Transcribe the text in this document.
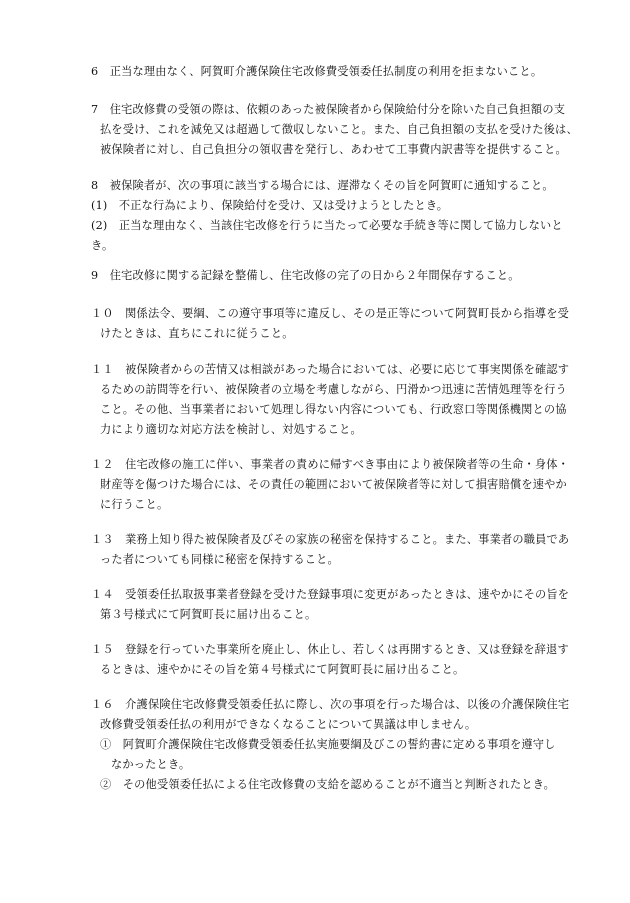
6　正当な理由なく、阿賀町介護保険住宅改修費受領委任払制度の利用を拒まないこと。
7　住宅改修費の受領の際は、依頼のあった被保険者から保険給付分を除いた自己負担額の支
払を受け、これを減免又は超過して徴収しないこと。また、自己負担額の支払を受けた後は、
被保険者に対し、自己負担分の領収書を発行し、あわせて工事費内訳書等を提供すること。
8　被保険者が、次の事項に該当する場合には、遅滞なくその旨を阿賀町に通知すること。
(1)　不正な行為により、保険給付を受け、又は受けようとしたとき。
(2)　正当な理由なく、当該住宅改修を行うに当たって必要な手続き等に関して協力しないと
き。
9　住宅改修に関する記録を整備し、住宅改修の完了の日から２年間保存すること。
１０　関係法令、要綱、この遵守事項等に違反し、その是正等について阿賀町長から指導を受
けたときは、直ちにこれに従うこと。
１１　被保険者からの苦情又は相談があった場合においては、必要に応じて事実関係を確認す
るための訪問等を行い、被保険者の立場を考慮しながら、円滑かつ迅速に苦情処理等を行う
こと。その他、当事業者において処理し得ない内容についても、行政窓口等関係機関との協
力により適切な対応方法を検討し、対処すること。
１２　住宅改修の施工に伴い、事業者の責めに帰すべき事由により被保険者等の生命・身体・
財産等を傷つけた場合には、その責任の範囲において被保険者等に対して損害賠償を速やか
に行うこと。
１３　業務上知り得た被保険者及びその家族の秘密を保持すること。また、事業者の職員であ
った者についても同様に秘密を保持すること。
１４　受領委任払取扱事業者登録を受けた登録事項に変更があったときは、速やかにその旨を
第３号様式にて阿賀町長に届け出ること。
１５　登録を行っていた事業所を廃止し、休止し、若しくは再開するとき、又は登録を辞退す
るときは、速やかにその旨を第４号様式にて阿賀町長に届け出ること。
１６　介護保険住宅改修費受領委任払に際し、次の事項を行った場合は、以後の介護保険住宅
改修費受領委任払の利用ができなくなることについて異議は申しません。
①　阿賀町介護保険住宅改修費受領委任払実施要綱及びこの誓約書に定める事項を遵守し
なかったとき。
②　その他受領委任払による住宅改修費の支給を認めることが不適当と判断されたとき。
